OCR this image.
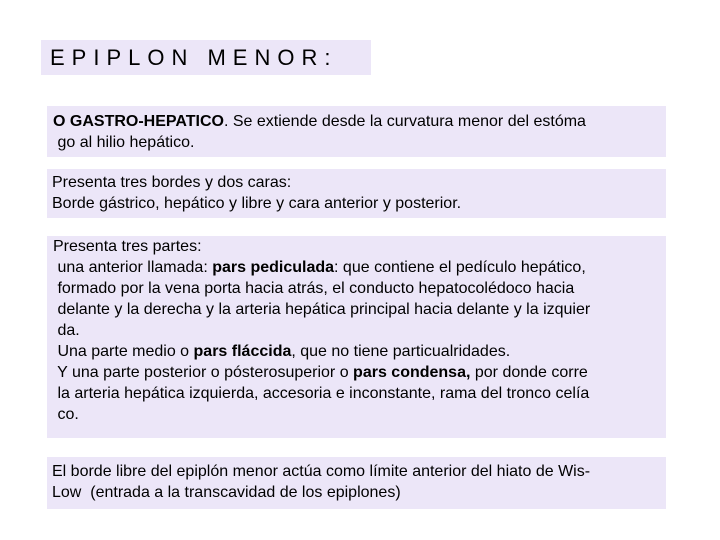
EPIPLON MENOR:
O GASTRO-HEPATICO. Se extiende desde la curvatura menor del estóma
go al hilio hepático.
Presenta tres bordes y dos caras:
Borde gástrico, hepático y libre y cara anterior y posterior.
Presenta tres partes:
una anterior llamada: pars pediculada: que contiene el pedículo hepático,
formado por la vena porta hacia atrás, el conducto hepatocolédoco hacia
delante y la derecha y la arteria hepática principal hacia delante y la izquier
da.
Una parte medio o pars fláccida, que no tiene particualridades.
Y una parte posterior o pósterosuperior o pars condensa, por donde corre
la arteria hepática izquierda, accesoria e inconstante, rama del tronco celía
co.
El borde libre del epiplón menor actúa como límite anterior del hiato de Wis-
Low  (entrada a la transcavidad de los epiplones)
